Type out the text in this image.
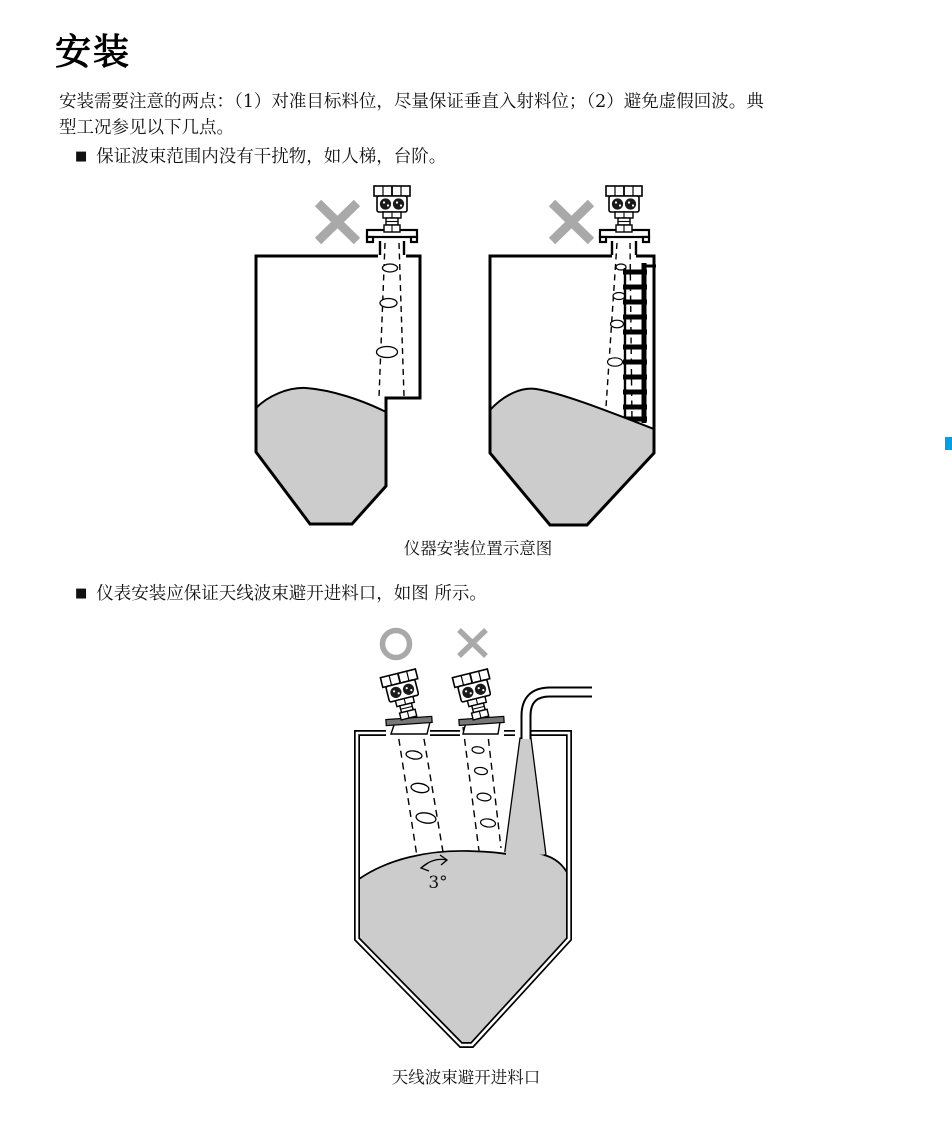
安装
安装需要注意的两点：（1）对准目标料位，尽量保证垂直入射料位；（2）避免虚假回波。典
型工况参见以下几点。
■ 保证波束范围内没有干扰物，如人梯，台阶。
仪器安装位置示意图
■ 仪表安装应保证天线波束避开进料口，如图 所示。
3°
天线波束避开进料口
